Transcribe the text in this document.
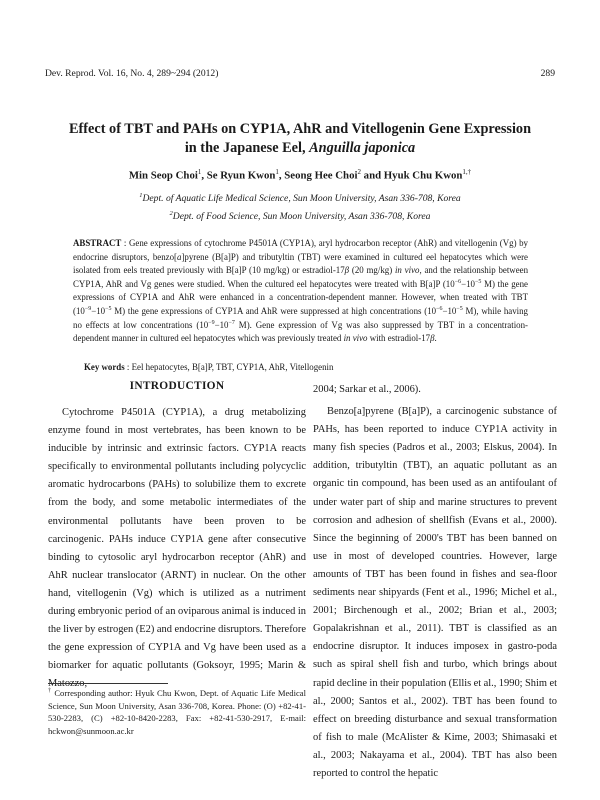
Dev. Reprod. Vol. 16, No. 4, 289~294 (2012)	289
Effect of TBT and PAHs on CYP1A, AhR and Vitellogenin Gene Expression
in the Japanese Eel, Anguilla japonica
Min Seop Choi$^1$, Se Ryun Kwon$^1$, Seong Hee Choi$^2$ and Hyuk Chu Kwon$^{1,\dagger}$
$^1$Dept. of Aquatic Life Medical Science, Sun Moon University, Asan 336-708, Korea
$^2$Dept. of Food Science, Sun Moon University, Asan 336-708, Korea
ABSTRACT : Gene expressions of cytochrome P4501A (CYP1A), aryl hydrocarbon receptor (AhR) and vitellogenin (Vg) by endocrine disruptors, benzo[a]pyrene (B[a]P) and tributyltin (TBT) were examined in cultured eel hepatocytes which were isolated from eels treated previously with B[a]P (10 mg/kg) or estradiol-17β (20 mg/kg) in vivo, and the relationship between CYP1A, AhR and Vg genes were studied. When the cultured eel hepatocytes were treated with B[a]P ($10^{-6}-10^{-5}$ M) the gene expressions of CYP1A and AhR were enhanced in a concentration-dependent manner. However, when treated with TBT ($10^{-9}-10^{-5}$ M) the gene expressions of CYP1A and AhR were suppressed at high concentrations ($10^{-6}-10^{-5}$ M), while having no effects at low concentrations ($10^{-9}-10^{-7}$ M). Gene expression of Vg was also suppressed by TBT in a concentration-dependent manner in cultured eel hepatocytes which was previously treated in vivo with estradiol-17β.
Key words : Eel hepatocytes, B[a]P, TBT, CYP1A, AhR, Vitellogenin
INTRODUCTION

Cytochrome P4501A (CYP1A), a drug metabolizing enzyme found in most vertebrates, has been known to be inducible by intrinsic and extrinsic factors. CYP1A reacts specifically to environmental pollutants including polycyclic aromatic hydrocarbons (PAHs) to solubilize them to excrete from the body, and some metabolic intermediates of the environmental pollutants have been proven to be carcinogenic. PAHs induce CYP1A gene after consecutive binding to cytosolic aryl hydrocarbon receptor (AhR) and AhR nuclear translocator (ARNT) in nuclear. On the other hand, vitellogenin (Vg) which is utilized as a nutriment during embryonic period of an oviparous animal is induced in the liver by estrogen (E2) and endocrine disruptors. Therefore the gene expression of CYP1A and Vg have been used as a biomarker for aquatic pollutants (Goksoyr, 1995; Marin & Matozzo,

2004; Sarkar et al., 2006).

Benzo[a]pyrene (B[a]P), a carcinogenic substance of PAHs, has been reported to induce CYP1A activity in many fish species (Padros et al., 2003; Elskus, 2004). In addition, tributyltin (TBT), an aquatic pollutant as an organic tin compound, has been used as an antifoulant of under water part of ship and marine structures to prevent corrosion and adhesion of shellfish (Evans et al., 2000). Since the beginning of 2000's TBT has been banned on use in most of developed countries. However, large amounts of TBT has been found in fishes and sea-floor sediments near shipyards (Fent et al., 1996; Michel et al., 2001; Birchenough et al., 2002; Brian et al., 2003; Gopalakrishnan et al., 2011). TBT is classified as an endocrine disruptor. It induces imposex in gastro-poda such as spiral shell fish and turbo, which brings about rapid decline in their population (Ellis et al., 1990; Shim et al., 2000; Santos et al., 2002). TBT has been found to effect on breeding disturbance and sexual transformation of fish to male (McAlister & Kime, 2003; Shimasaki et al., 2003; Nakayama et al., 2004). TBT has also been reported to control the hepatic

† Corresponding author: Hyuk Chu Kwon, Dept. of Aquatic Life Medical Science, Sun Moon University, Asan 336-708, Korea. Phone: (O) +82-41-530-2283, (C) +82-10-8420-2283, Fax: +82-41-530-2917, E-mail: hckwon@sunmoon.ac.kr
